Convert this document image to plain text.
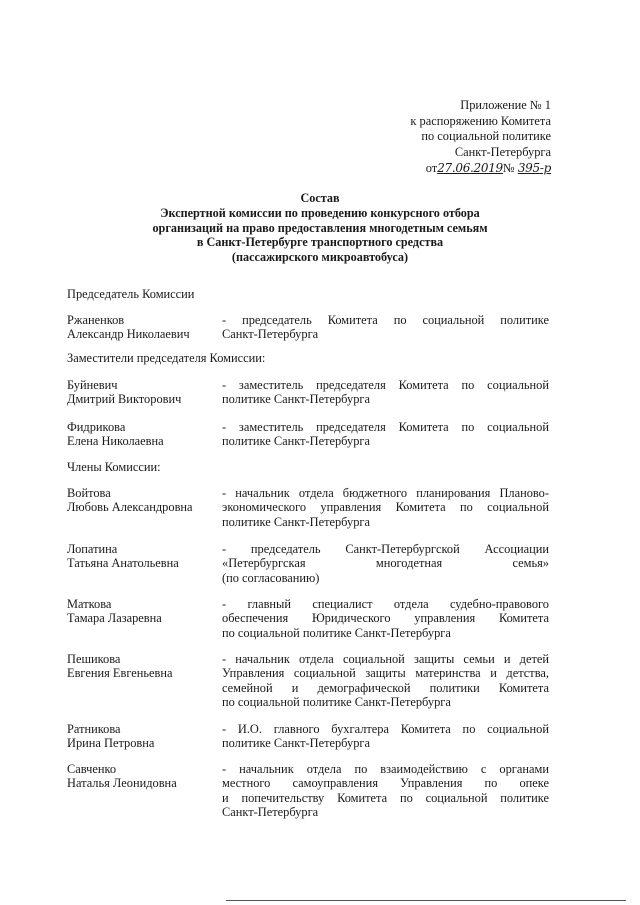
Приложение № 1
к распоряжению Комитета
по социальной политике
Санкт-Петербурга
от27.06.2019№ 395-р
Состав
Экспертной комиссии по проведению конкурсного отбора
организаций на право предоставления многодетным семьям
в Санкт-Петербурге транспортного средства
(пассажирского микроавтобуса)
Председатель Комиссии
Ржаненков
Александр Николаевич
- председатель Комитета по социальной политике
Санкт-Петербурга
Заместители председателя Комиссии:
Буйневич
Дмитрий Викторович
- заместитель председателя Комитета по социальной
политике Санкт-Петербурга
Фидрикова
Елена Николаевна
- заместитель председателя Комитета по социальной
политике Санкт-Петербурга
Члены Комиссии:
Войтова
Любовь Александровна
- начальник отдела бюджетного планирования Планово-
экономического управления Комитета по социальной
политике Санкт-Петербурга
Лопатина
Татьяна Анатольевна
- председатель Санкт-Петербургской Ассоциации
«Петербургская многодетная семья»
(по согласованию)
Маткова
Тамара Лазаревна
- главный специалист отдела судебно-правового
обеспечения Юридического управления Комитета
по социальной политике Санкт-Петербурга
Пешикова
Евгения Евгеньевна
- начальник отдела социальной защиты семьи и детей
Управления социальной защиты материнства и детства,
семейной и демографической политики Комитета
по социальной политике Санкт-Петербурга
Ратникова
Ирина Петровна
- И.О. главного бухгалтера Комитета по социальной
политике Санкт-Петербурга
Савченко
Наталья Леонидовна
- начальник отдела по взаимодействию с органами
местного самоуправления Управления по опеке
и попечительству Комитета по социальной политике
Санкт-Петербурга
